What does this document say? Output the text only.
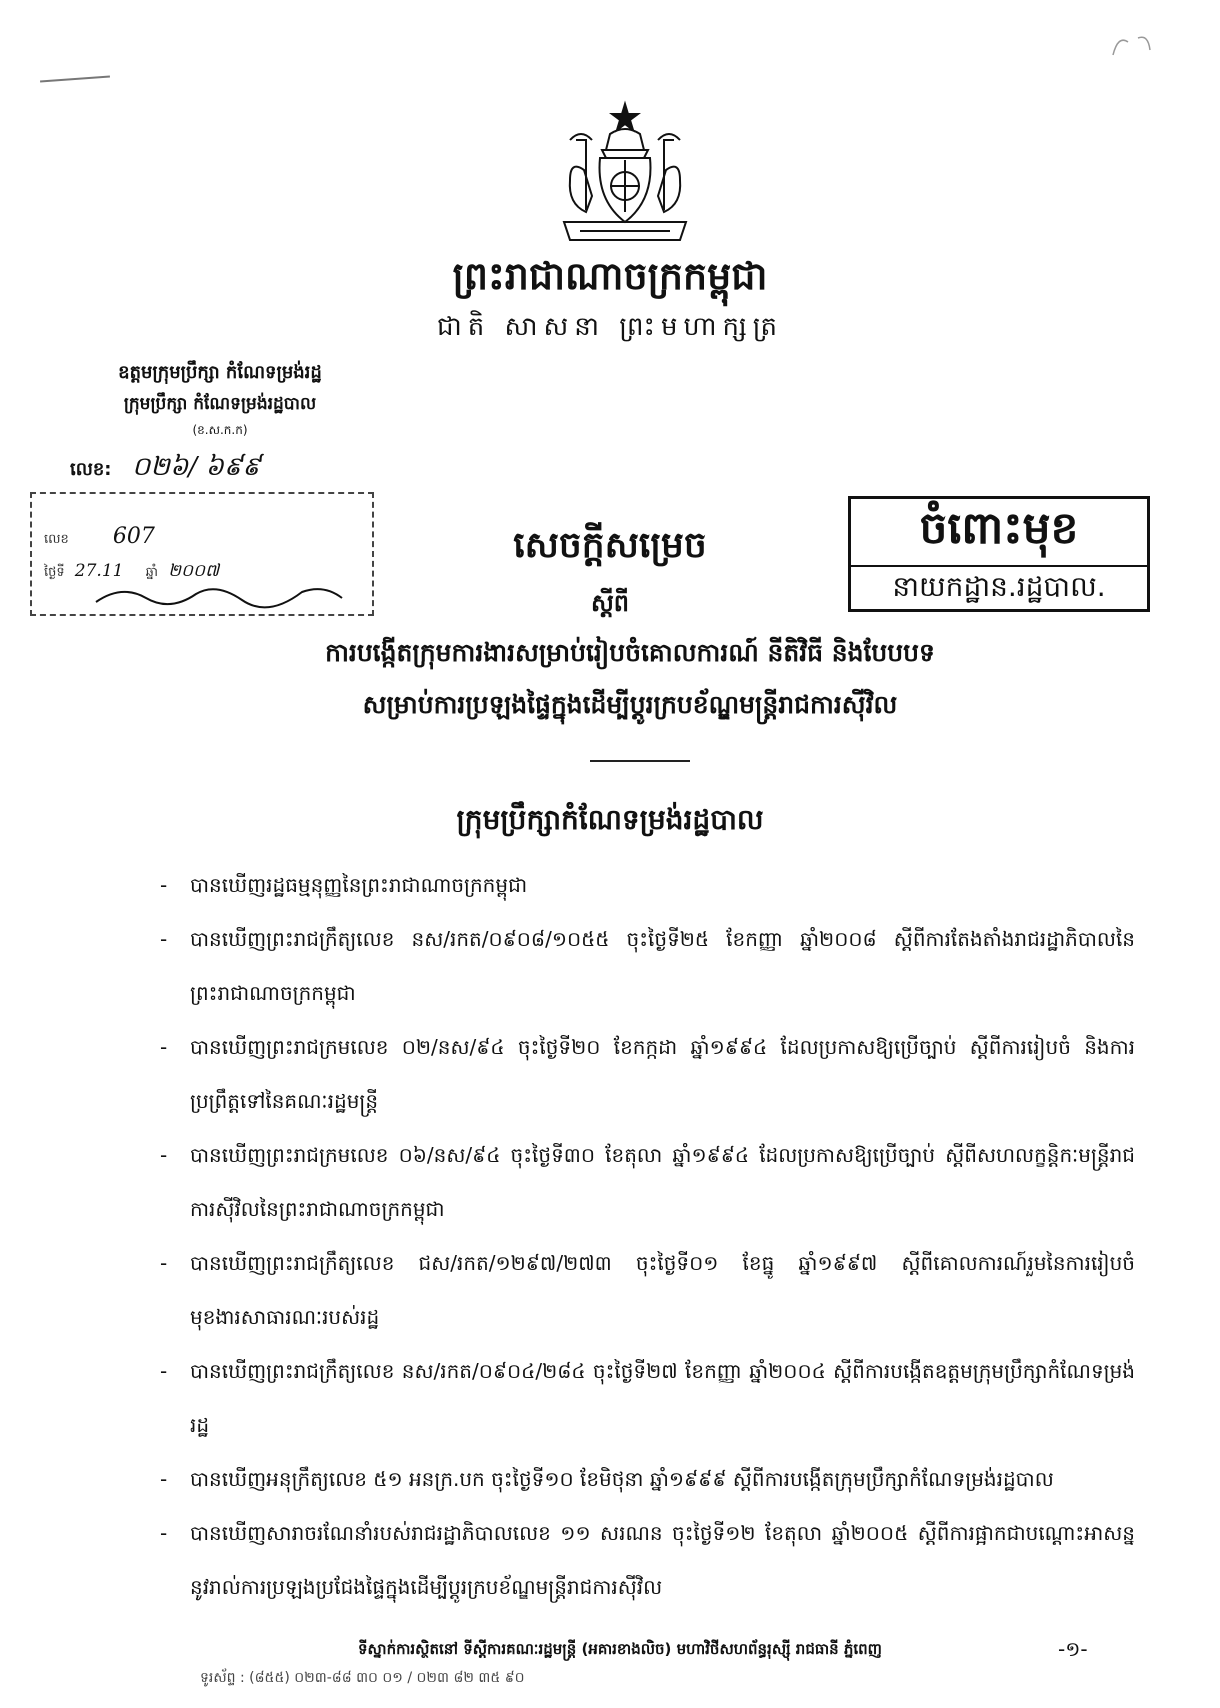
ព្រះរាជាណាចក្រកម្ពុជា
ជាតិ សាសនា ព្រះមហាក្សត្រ
ឧត្តមក្រុមប្រឹក្សា កំណែទម្រង់រដ្ឋ
ក្រុមប្រឹក្សា កំណែទម្រង់រដ្ឋបាល
(ខ.ស.ក.ក)
លេខ: ០២៦/ ៦៩៩
លេខ 607
ថ្ងៃទី 27.11 ឆ្នាំ ២០០៧
ចំពោះមុខ
នាយកដ្ឋាន.រដ្ឋបាល.
សេចក្តីសម្រេច
ស្តីពី
ការបង្កើតក្រុមការងារសម្រាប់រៀបចំគោលការណ៍ នីតិវិធី និងបែបបទ
សម្រាប់ការប្រឡងផ្ទៃក្នុងដើម្បីប្តូរក្របខ័ណ្ឌមន្ត្រីរាជការស៊ីវិល
ក្រុមប្រឹក្សាកំណែទម្រង់រដ្ឋបាល
-	បានឃើញរដ្ឋធម្មនុញ្ញនៃព្រះរាជាណាចក្រកម្ពុជា
-	បានឃើញព្រះរាជក្រឹត្យលេខ នស/រកត/០៩០៨/១០៥៥ ចុះថ្ងៃទី២៥ ខែកញ្ញា ឆ្នាំ២០០៨ ស្តីពីការតែងតាំងរាជរដ្ឋាភិបាលនៃព្រះរាជាណាចក្រកម្ពុជា
-	បានឃើញព្រះរាជក្រមលេខ ០២/នស/៩៤ ចុះថ្ងៃទី២០ ខែកក្កដា ឆ្នាំ១៩៩៤ ដែលប្រកាសឱ្យប្រើច្បាប់ ស្តីពីការរៀបចំ និងការប្រព្រឹត្តទៅនៃគណៈរដ្ឋមន្ត្រី
-	បានឃើញព្រះរាជក្រមលេខ ០៦/នស/៩៤ ចុះថ្ងៃទី៣០ ខែតុលា ឆ្នាំ១៩៩៤ ដែលប្រកាសឱ្យប្រើច្បាប់ ស្តីពីសហលក្ខន្តិកៈមន្ត្រីរាជការស៊ីវិលនៃព្រះរាជាណាចក្រកម្ពុជា
-	បានឃើញព្រះរាជក្រឹត្យលេខ ជស/រកត/១២៩៧/២៧៣ ចុះថ្ងៃទី០១ ខែធ្នូ ឆ្នាំ១៩៩៧ ស្តីពីគោលការណ៍រួមនៃការរៀបចំមុខងារសាធារណៈរបស់រដ្ឋ
-	បានឃើញព្រះរាជក្រឹត្យលេខ នស/រកត/០៩០៤/២៨៤ ចុះថ្ងៃទី២៧ ខែកញ្ញា ឆ្នាំ២០០៤ ស្តីពីការបង្កើតឧត្តមក្រុមប្រឹក្សាកំណែទម្រង់រដ្ឋ
-	បានឃើញអនុក្រឹត្យលេខ ៥១ អនក្រ.បក ចុះថ្ងៃទី១០ ខែមិថុនា ឆ្នាំ១៩៩៩ ស្តីពីការបង្កើតក្រុមប្រឹក្សាកំណែទម្រង់រដ្ឋបាល
-	បានឃើញសារាចរណែនាំរបស់រាជរដ្ឋាភិបាលលេខ ១១ សរណន ចុះថ្ងៃទី១២ ខែតុលា ឆ្នាំ២០០៥ ស្តីពីការផ្អាកជាបណ្តោះអាសន្ននូវរាល់ការប្រឡងប្រជែងផ្ទៃក្នុងដើម្បីប្តូរក្របខ័ណ្ឌមន្ត្រីរាជការស៊ីវិល
ទីស្នាក់ការស្ថិតនៅ ទីស្តីការគណៈរដ្ឋមន្ត្រី (អគារខាងលិច) មហាវិថីសហព័ន្ធរុស្ស៊ី រាជធានី ភ្នំពេញ
ទូរស័ព្ទ : (៨៥៥) ០២៣-៨៨ ៣០ ០១ / ០២៣ ៨២ ៣៥ ៩០
-១-
